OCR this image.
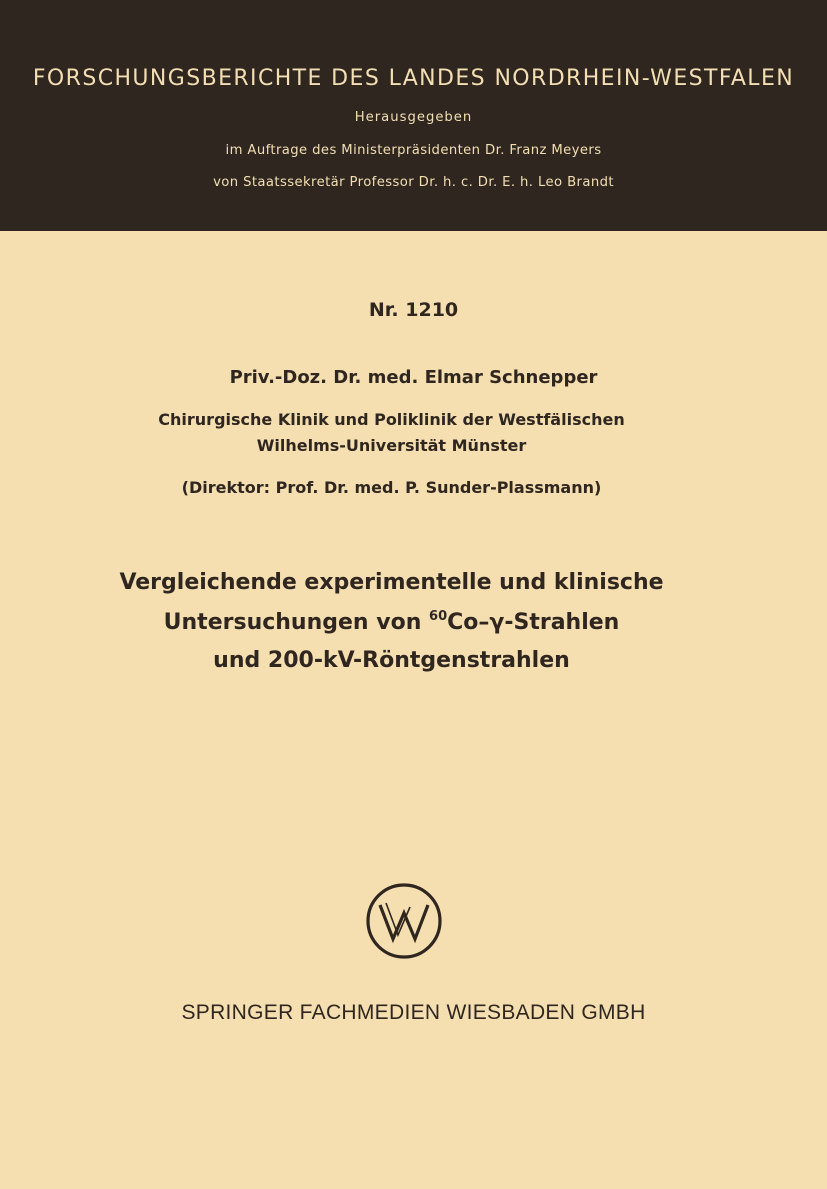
FORSCHUNGSBERICHTE DES LANDES NORDRHEIN-WESTFALEN
Herausgegeben
im Auftrage des Ministerpräsidenten Dr. Franz Meyers
von Staatssekretär Professor Dr. h. c. Dr. E. h. Leo Brandt
Nr. 1210
Priv.-Doz. Dr. med. Elmar Schnepper
Chirurgische Klinik und Poliklinik der Westfälischen
Wilhelms-Universität Münster
(Direktor: Prof. Dr. med. P. Sunder-Plassmann)
Vergleichende experimentelle und klinische
Untersuchungen von $^{60}$Co–γ-Strahlen
und 200-kV-Röntgenstrahlen
SPRINGER FACHMEDIEN WIESBADEN GMBH
